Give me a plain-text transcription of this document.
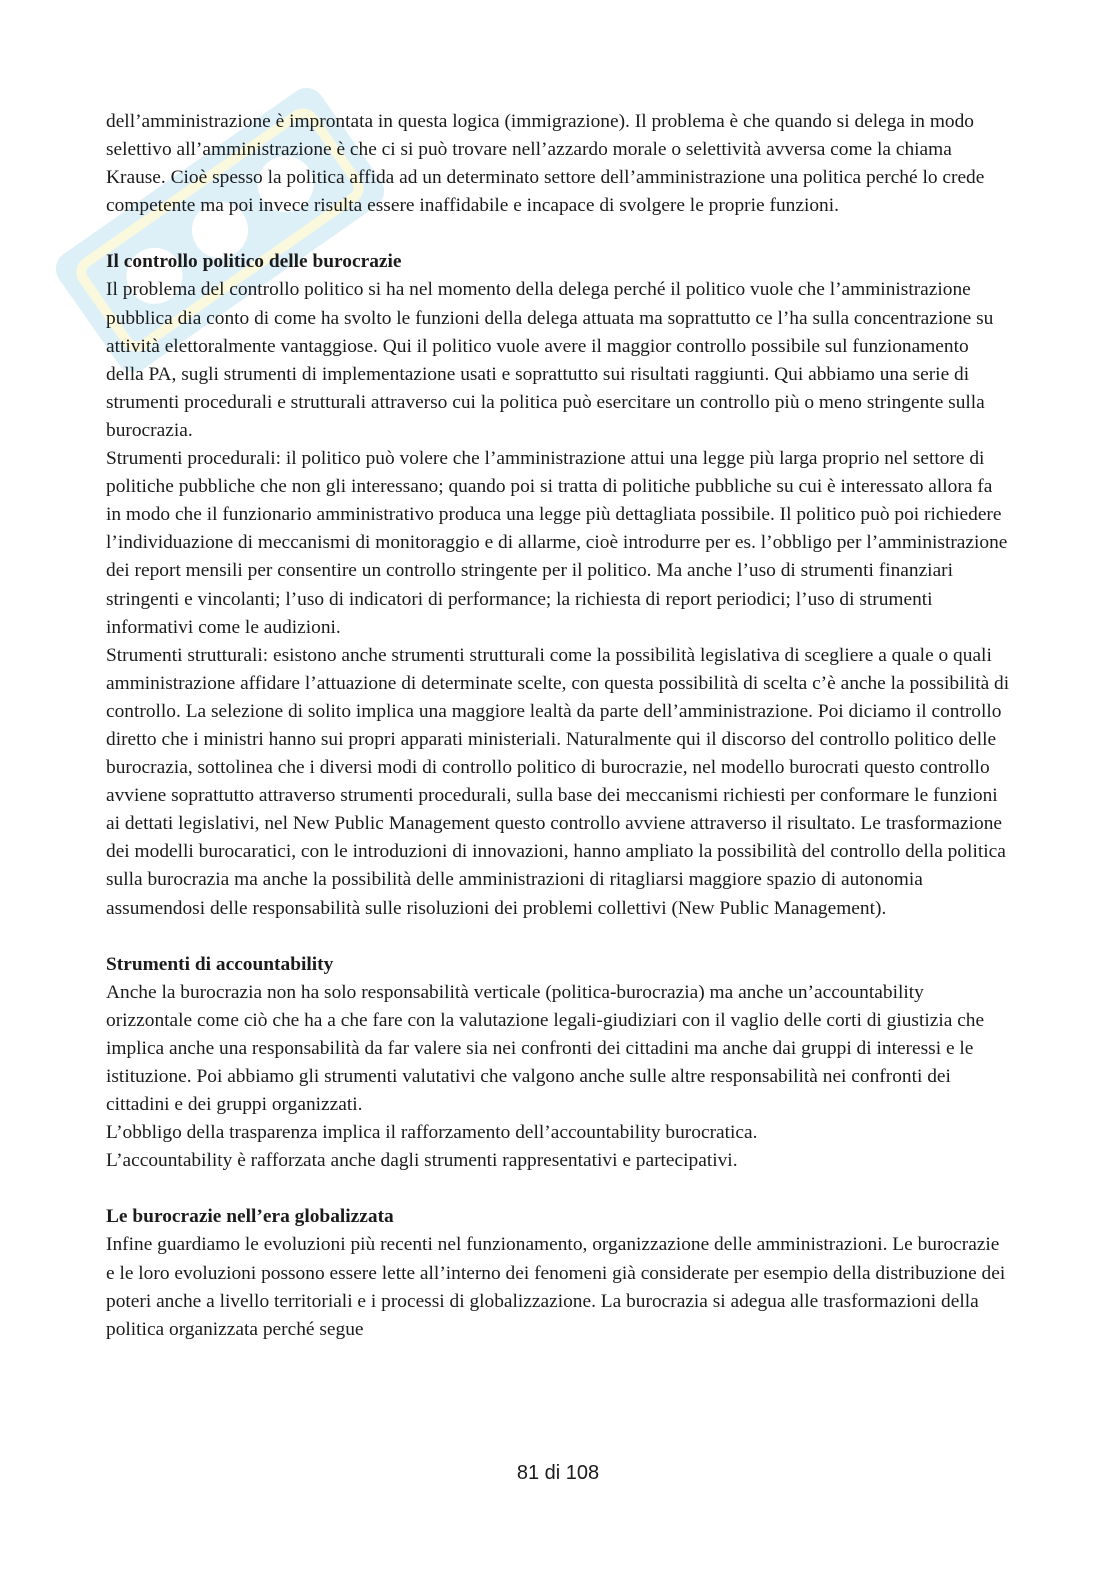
dell’amministrazione è improntata in questa logica (immigrazione). Il problema è che quando si delega in modo selettivo all’amministrazione è che ci si può trovare nell’azzardo morale o selettività avversa come la chiama Krause. Cioè spesso la politica affida ad un determinato settore dell’amministrazione una politica perché lo crede competente ma poi invece risulta essere inaffidabile e incapace di svolgere le proprie funzioni.

Il controllo politico delle burocrazie

Il problema del controllo politico si ha nel momento della delega perché il politico vuole che l’amministrazione pubblica dia conto di come ha svolto le funzioni della delega attuata ma soprattutto ce l’ha sulla concentrazione su attività elettoralmente vantaggiose. Qui il politico vuole avere il maggior controllo possibile sul funzionamento della PA, sugli strumenti di implementazione usati e soprattutto sui risultati raggiunti. Qui abbiamo una serie di strumenti procedurali e strutturali attraverso cui la politica può esercitare un controllo più o meno stringente sulla burocrazia.

Strumenti procedurali: il politico può volere che l’amministrazione attui una legge più larga proprio nel settore di politiche pubbliche che non gli interessano; quando poi si tratta di politiche pubbliche su cui è interessato allora fa in modo che il funzionario amministrativo produca una legge più dettagliata possibile. Il politico può poi richiedere l’individuazione di meccanismi di monitoraggio e di allarme, cioè introdurre per es. l’obbligo per l’amministrazione dei report mensili per consentire un controllo stringente per il politico. Ma anche l’uso di strumenti finanziari stringenti e vincolanti; l’uso di indicatori di performance; la richiesta di report periodici; l’uso di strumenti informativi come le audizioni.

Strumenti strutturali: esistono anche strumenti strutturali come la possibilità legislativa di scegliere a quale o quali amministrazione affidare l’attuazione di determinate scelte, con questa possibilità di scelta c’è anche la possibilità di controllo. La selezione di solito implica una maggiore lealtà da parte dell’amministrazione. Poi diciamo il controllo diretto che i ministri hanno sui propri apparati ministeriali. Naturalmente qui il discorso del controllo politico delle burocrazia, sottolinea che i diversi modi di controllo politico di burocrazie, nel modello burocrati questo controllo avviene soprattutto attraverso strumenti procedurali, sulla base dei meccanismi richiesti per conformare le funzioni ai dettati legislativi, nel New Public Management questo controllo avviene attraverso il risultato. Le trasformazione dei modelli burocaratici, con le introduzioni di innovazioni, hanno ampliato la possibilità del controllo della politica sulla burocrazia ma anche la possibilità delle amministrazioni di ritagliarsi maggiore spazio di autonomia assumendosi delle responsabilità sulle risoluzioni dei problemi collettivi (New Public Management).

Strumenti di accountability

Anche la burocrazia non ha solo responsabilità verticale (politica-burocrazia) ma anche un’accountability orizzontale come ciò che ha a che fare con la valutazione legali-giudiziari con il vaglio delle corti di giustizia che implica anche una responsabilità da far valere sia nei confronti dei cittadini ma anche dai gruppi di interessi e le istituzione. Poi abbiamo gli strumenti valutativi che valgono anche sulle altre responsabilità nei confronti dei cittadini e dei gruppi organizzati.

L’obbligo della trasparenza implica il rafforzamento dell’accountability burocratica.

L’accountability è rafforzata anche dagli strumenti rappresentativi e partecipativi.

Le burocrazie nell’era globalizzata

Infine guardiamo le evoluzioni più recenti nel funzionamento, organizzazione delle amministrazioni. Le burocrazie e le loro evoluzioni possono essere lette all’interno dei fenomeni già considerate per esempio della distribuzione dei poteri anche a livello territoriali e i processi di globalizzazione. La burocrazia si adegua alle trasformazioni della politica organizzata perché segue

81 di 108
